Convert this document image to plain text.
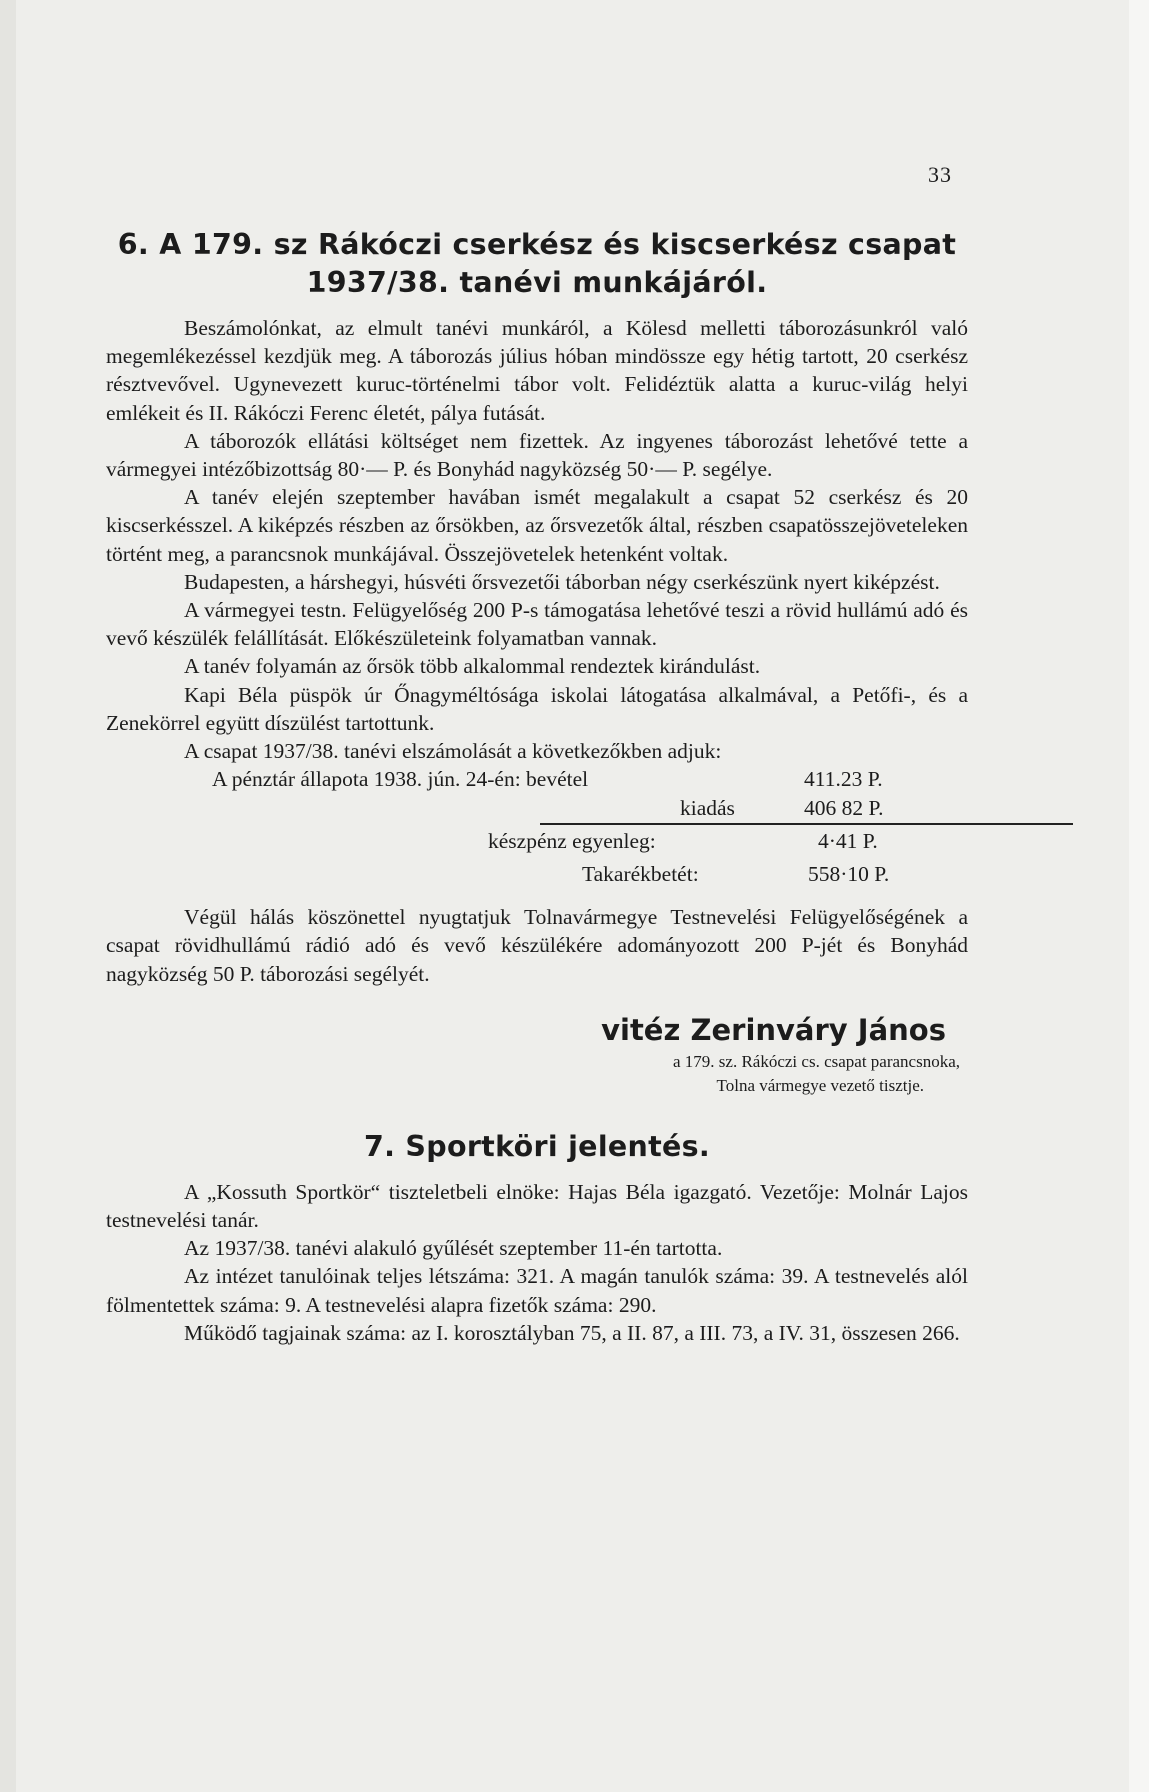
33
6. A 179. sz Rákóczi cserkész és kiscserkész csapat
1937/38. tanévi munkájáról.

Beszámolónkat, az elmult tanévi munkáról, a Kölesd melletti táborozásunkról való megemlékezéssel kezdjük meg. A táborozás július hóban mindössze egy hétig tartott, 20 cserkész résztvevővel. Ugynevezett kuruc-történelmi tábor volt. Felidéztük alatta a kuruc-világ helyi emlékeit és II. Rákóczi Ferenc életét, pálya futását.

A táborozók ellátási költséget nem fizettek. Az ingyenes táborozást lehetővé tette a vármegyei intézőbizottság 80·— P. és Bonyhád nagyközség 50·— P. segélye.

A tanév elején szeptember havában ismét megalakult a csapat 52 cserkész és 20 kiscserkésszel. A kiképzés részben az őrsökben, az őrsvezetők által, részben csapatösszejöveteleken történt meg, a parancsnok munkájával. Összejövetelek hetenként voltak.

Budapesten, a hárshegyi, húsvéti őrsvezetői táborban négy cserkészünk nyert kiképzést.

A vármegyei testn. Felügyelőség 200 P-s támogatása lehetővé teszi a rövid hullámú adó és vevő készülék felállítását. Előkészületeink folyamatban vannak.

A tanév folyamán az őrsök több alkalommal rendeztek kirándulást.

Kapi Béla püspök úr Őnagyméltósága iskolai látogatása alkalmával, a Petőfi-, és a Zenekörrel együtt díszülést tartottunk.

A csapat 1937/38. tanévi elszámolását a következőkben adjuk:

A pénztár állapota 1938. jún. 24-én: bevétel	411.23 P.
kiadás	406 82 P.
készpénz egyenleg:	4·41 P.
Takarékbetét:	558·10 P.

Végül hálás köszönettel nyugtatjuk Tolnavármegye Testnevelési Felügyelőségének a csapat rövidhullámú rádió adó és vevő készülékére adományozott 200 P-jét és Bonyhád nagyközség 50 P. táborozási segélyét.

vitéz Zerinváry János
a 179. sz. Rákóczi cs. csapat parancsnoka,
Tolna vármegye vezető tisztje.
7. Sportköri jelentés.

A „Kossuth Sportkör“ tiszteletbeli elnöke: Hajas Béla igazgató. Vezetője: Molnár Lajos testnevelési tanár.

Az 1937/38. tanévi alakuló gyűlését szeptember 11-én tartotta.

Az intézet tanulóinak teljes létszáma: 321. A magán tanulók száma: 39. A testnevelés alól fölmentettek száma: 9. A testnevelési alapra fizetők száma: 290.

Működő tagjainak száma: az I. korosztályban 75, a II. 87, a III. 73, a IV. 31, összesen 266.
